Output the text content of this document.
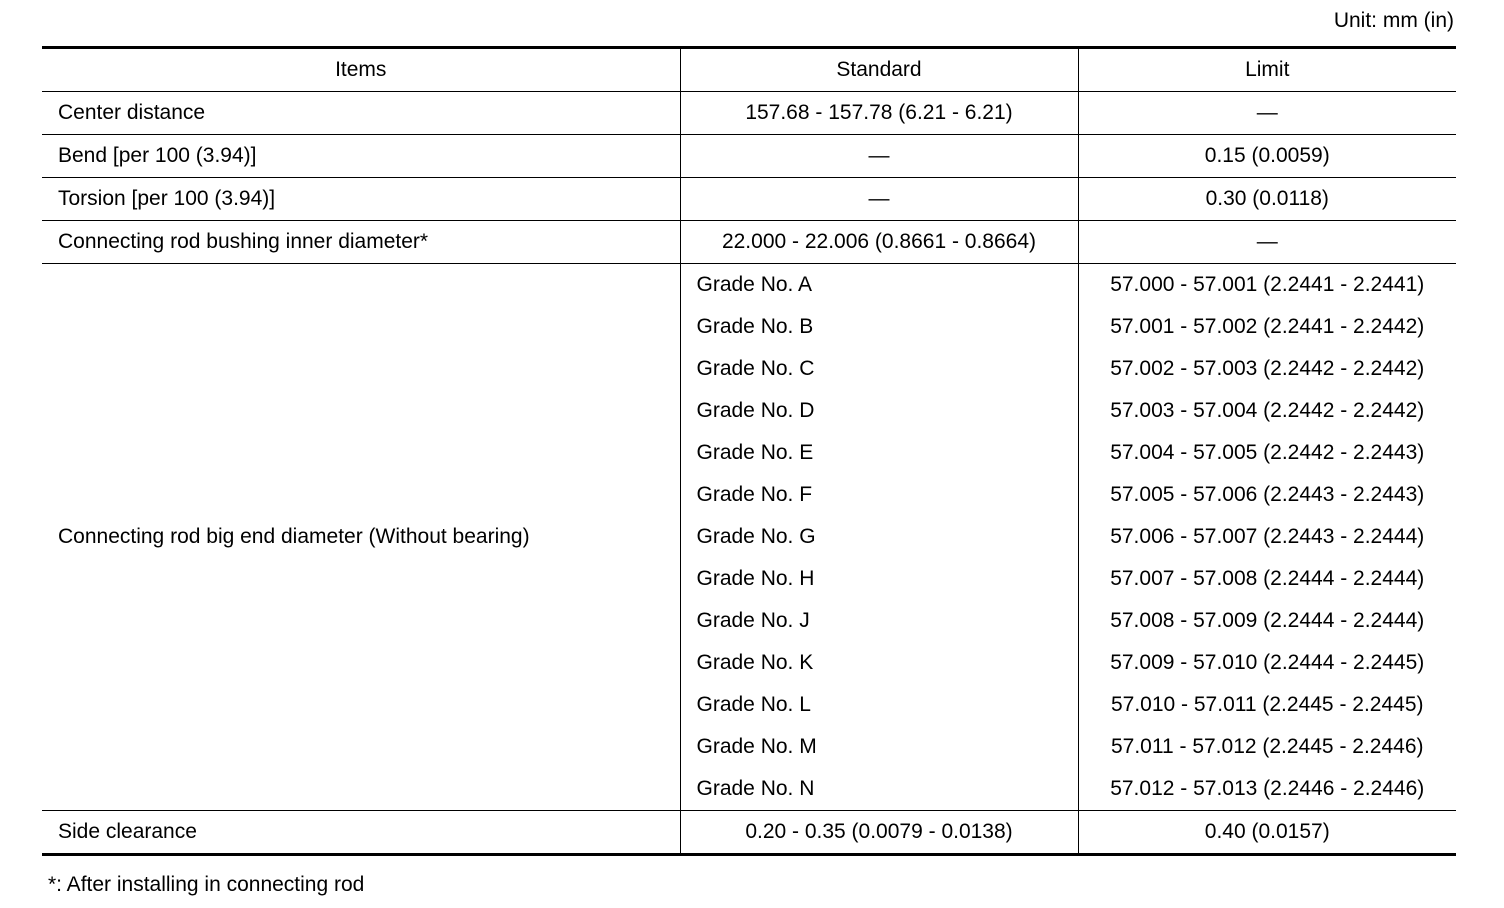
Unit: mm (in)
Items	Standard	Limit
Center distance	157.68 - 157.78 (6.21 - 6.21)	—
Bend [per 100 (3.94)]	—	0.15 (0.0059)
Torsion [per 100 (3.94)]	—	0.30 (0.0118)
Connecting rod bushing inner diameter*	22.000 - 22.006 (0.8661 - 0.8664)	—
Connecting rod big end diameter (Without bearing)	Grade No. A	57.000 - 57.001 (2.2441 - 2.2441)
	Grade No. B	57.001 - 57.002 (2.2441 - 2.2442)
	Grade No. C	57.002 - 57.003 (2.2442 - 2.2442)
	Grade No. D	57.003 - 57.004 (2.2442 - 2.2442)
	Grade No. E	57.004 - 57.005 (2.2442 - 2.2443)
	Grade No. F	57.005 - 57.006 (2.2443 - 2.2443)
	Grade No. G	57.006 - 57.007 (2.2443 - 2.2444)
	Grade No. H	57.007 - 57.008 (2.2444 - 2.2444)
	Grade No. J	57.008 - 57.009 (2.2444 - 2.2444)
	Grade No. K	57.009 - 57.010 (2.2444 - 2.2445)
	Grade No. L	57.010 - 57.011 (2.2445 - 2.2445)
	Grade No. M	57.011 - 57.012 (2.2445 - 2.2446)
	Grade No. N	57.012 - 57.013 (2.2446 - 2.2446)
Side clearance	0.20 - 0.35 (0.0079 - 0.0138)	0.40 (0.0157)
*: After installing in connecting rod
